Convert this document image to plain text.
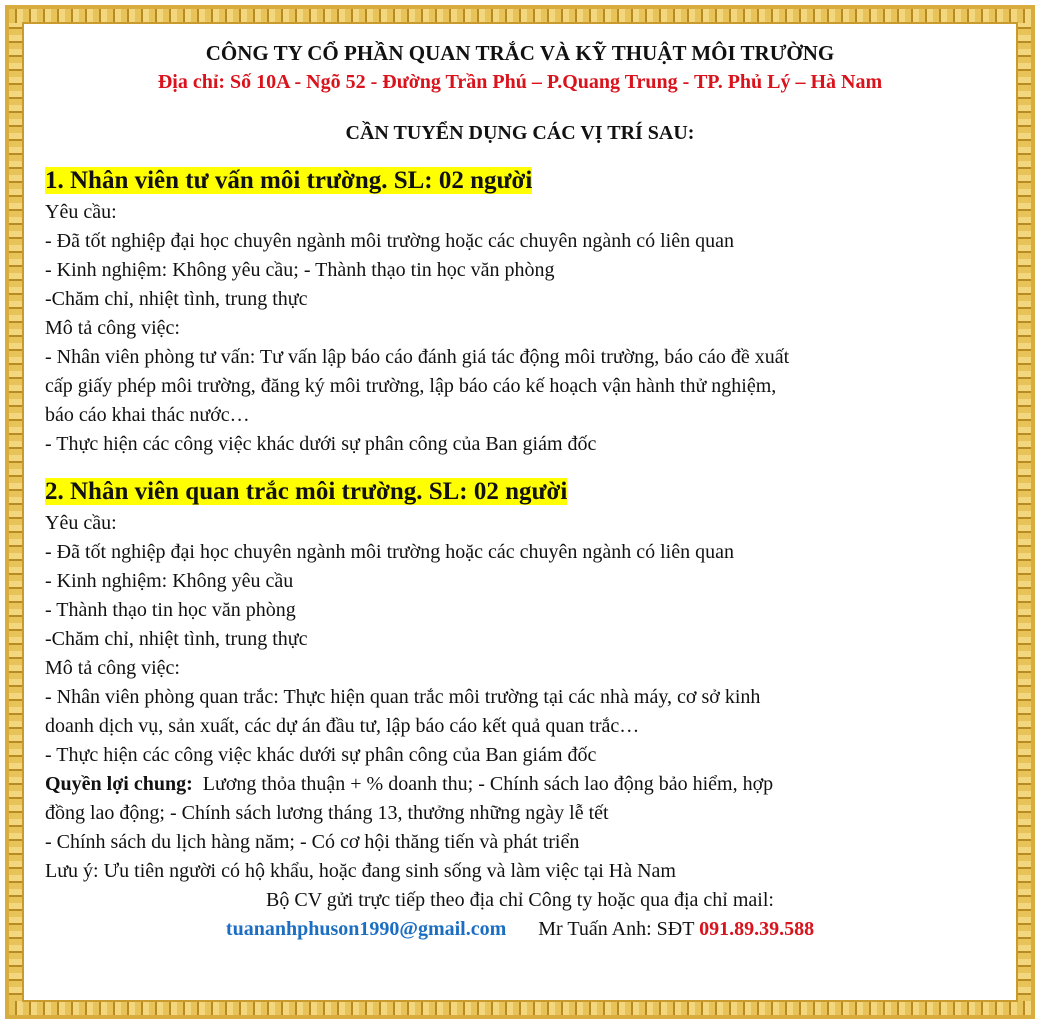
CÔNG TY CỔ PHẦN QUAN TRẮC VÀ KỸ THUẬT MÔI TRƯỜNG
Địa chỉ: Số 10A - Ngõ 52 - Đường Trần Phú – P.Quang Trung - TP. Phủ Lý – Hà Nam
CẦN TUYỂN DỤNG CÁC VỊ TRÍ SAU:
1. Nhân viên tư vấn môi trường. SL: 02 người
Yêu cầu:
- Đã tốt nghiệp đại học chuyên ngành môi trường hoặc các chuyên ngành có liên quan
- Kinh nghiệm: Không yêu cầu; - Thành thạo tin học văn phòng
-Chăm chỉ, nhiệt tình, trung thực
Mô tả công việc:
- Nhân viên phòng tư vấn: Tư vấn lập báo cáo đánh giá tác động môi trường, báo cáo đề xuất
cấp giấy phép môi trường, đăng ký môi trường, lập báo cáo kế hoạch vận hành thử nghiệm,
báo cáo khai thác nước…
- Thực hiện các công việc khác dưới sự phân công của Ban giám đốc
2. Nhân viên quan trắc môi trường. SL: 02 người
Yêu cầu:
- Đã tốt nghiệp đại học chuyên ngành môi trường hoặc các chuyên ngành có liên quan
- Kinh nghiệm: Không yêu cầu
- Thành thạo tin học văn phòng
-Chăm chỉ, nhiệt tình, trung thực
Mô tả công việc:
- Nhân viên phòng quan trắc: Thực hiện quan trắc môi trường tại các nhà máy, cơ sở kinh
doanh dịch vụ, sản xuất, các dự án đầu tư, lập báo cáo kết quả quan trắc…
- Thực hiện các công việc khác dưới sự phân công của Ban giám đốc
Quyền lợi chung:  Lương thỏa thuận + % doanh thu; - Chính sách lao động bảo hiểm, hợp
đồng lao động; - Chính sách lương tháng 13, thưởng những ngày lễ tết
- Chính sách du lịch hàng năm; - Có cơ hội thăng tiến và phát triển
Lưu ý: Ưu tiên người có hộ khẩu, hoặc đang sinh sống và làm việc tại Hà Nam
Bộ CV gửi trực tiếp theo địa chỉ Công ty hoặc qua địa chỉ mail:
tuananhphuson1990@gmail.com Mr Tuấn Anh: SĐT 091.89.39.588
